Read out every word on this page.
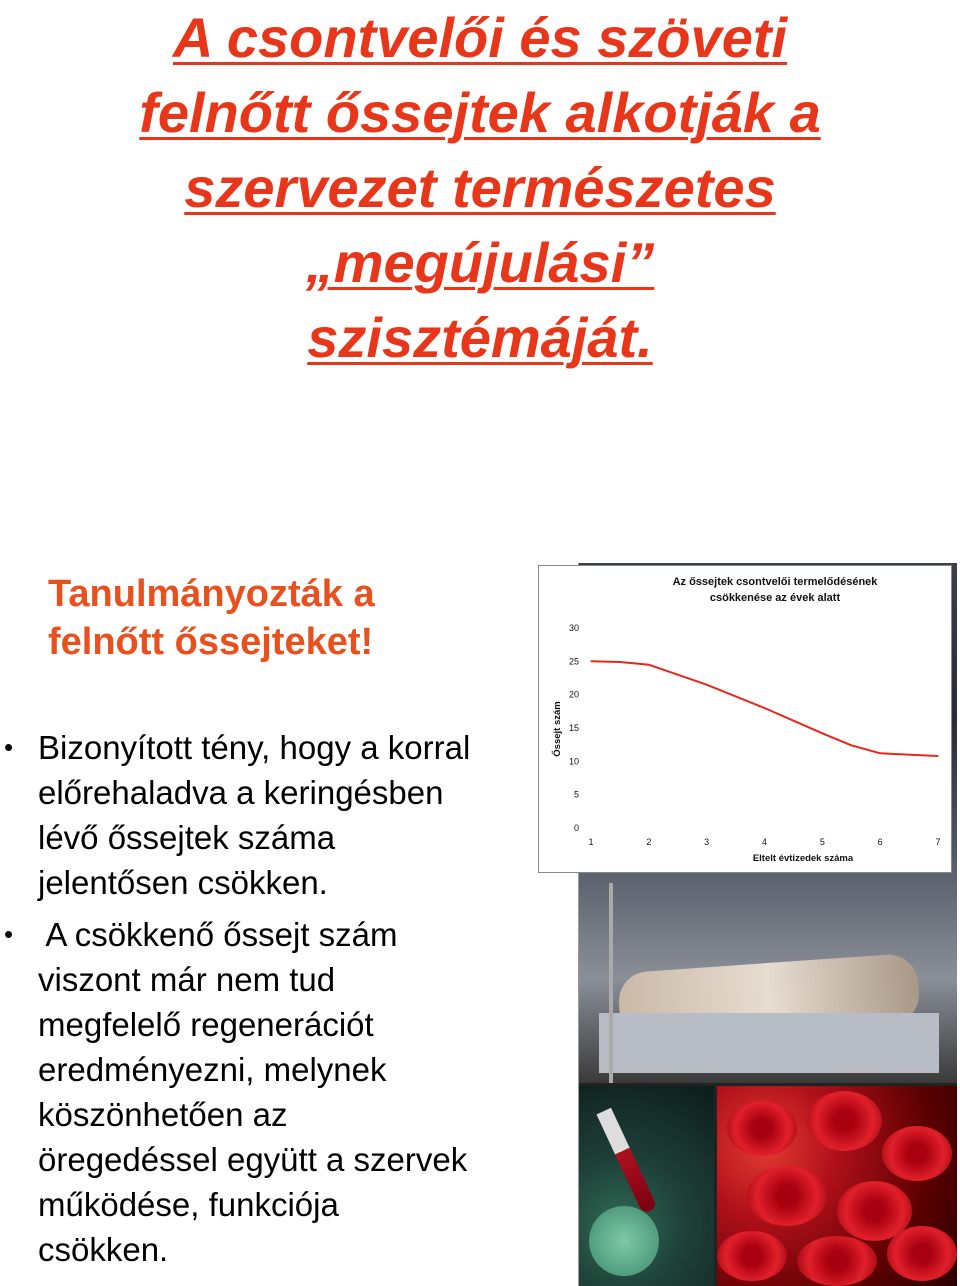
A csontvelői és szöveti
felnőtt őssejtek alkotják a
szervezet természetes
„megújulási”
szisztémáját.
Tanulmányozták a
felnőtt őssejteket!
• Bizonyított tény, hogy a korral
előrehaladva a keringésben
lévő őssejtek száma
jelentősen csökken.
• A csökkenő őssejt szám
viszont már nem tud
megfelelő regenerációt
eredményezni, melynek
köszönhetően az
öregedéssel együtt a szervek
működése, funkciója
csökken.
Az őssejtek csontvelői termelődésének
csökkenése az évek alatt
Őssejt szám
Eltelt évtizedek száma
0
5
10
15
20
25
30
1	2	3	4	5	6	7
